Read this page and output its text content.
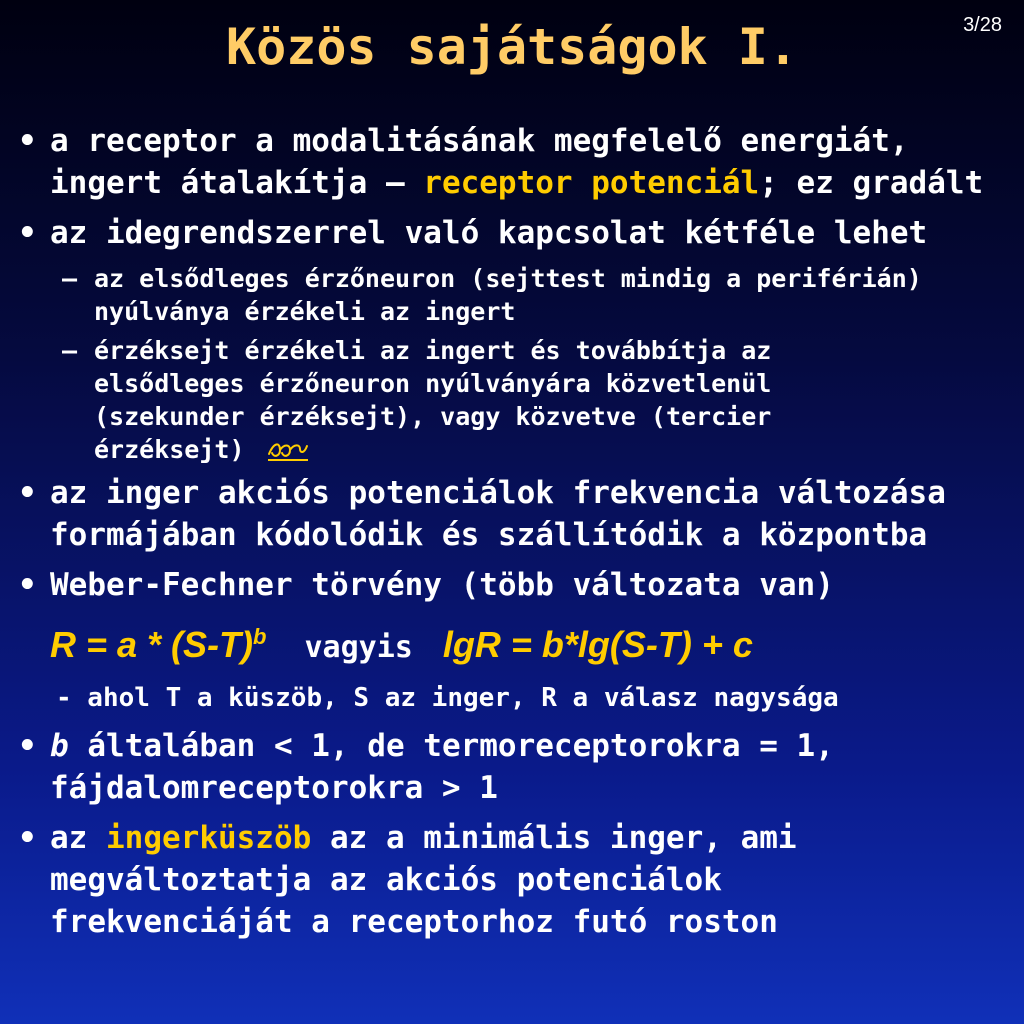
Közös sajátságok I.	3/28
• a receptor a modalitásának megfelelő energiát,
ingert átalakítja – receptor potenciál; ez gradált
• az idegrendszerrel való kapcsolat kétféle lehet
– az elsődleges érzőneuron (sejttest mindig a periférián)
nyúlványa érzékeli az ingert
– érzéksejt érzékeli az ingert és továbbítja az
elsődleges érzőneuron nyúlványára közvetlenül
(szekunder érzéksejt), vagy közvetve (tercier
érzéksejt)
• az inger akciós potenciálok frekvencia változása
formájában kódolódik és szállítódik a központba
• Weber-Fechner törvény (több változata van)
$R = a * (S-T)^b$ vagyis lgR = b*lg(S-T) + c
- ahol T a küszöb, S az inger, R a válasz nagysága
• b általában < 1, de termoreceptorokra = 1,
fájdalomreceptorokra > 1
• az ingerküszöb az a minimális inger, ami
megváltoztatja az akciós potenciálok
frekvenciáját a receptorhoz futó roston
